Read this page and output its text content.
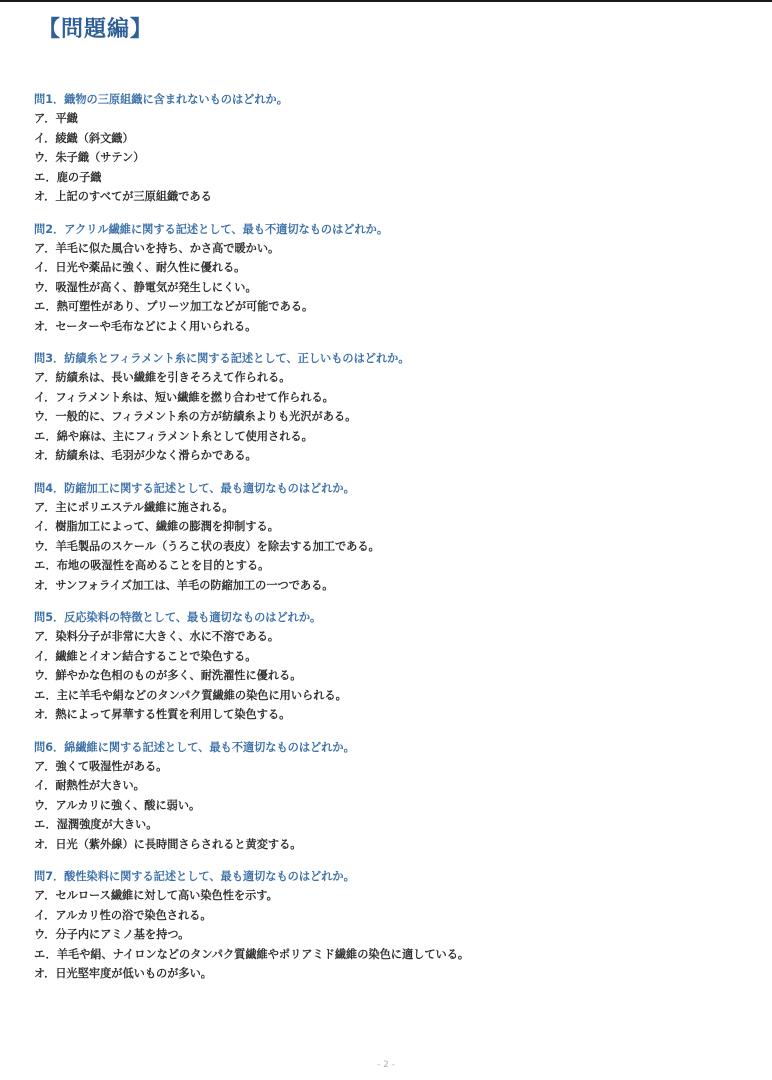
【問題編】
問1．織物の三原組織に含まれないものはどれか。
ア．平織
イ．綾織（斜文織）
ウ．朱子織（サテン）
エ．鹿の子織
オ．上記のすべてが三原組織である
問2．アクリル繊維に関する記述として、最も不適切なものはどれか。
ア．羊毛に似た風合いを持ち、かさ高で暖かい。
イ．日光や薬品に強く、耐久性に優れる。
ウ．吸湿性が高く、静電気が発生しにくい。
エ．熱可塑性があり、プリーツ加工などが可能である。
オ．セーターや毛布などによく用いられる。
問3．紡績糸とフィラメント糸に関する記述として、正しいものはどれか。
ア．紡績糸は、長い繊維を引きそろえて作られる。
イ．フィラメント糸は、短い繊維を撚り合わせて作られる。
ウ．一般的に、フィラメント糸の方が紡績糸よりも光沢がある。
エ．綿や麻は、主にフィラメント糸として使用される。
オ．紡績糸は、毛羽が少なく滑らかである。
問4．防縮加工に関する記述として、最も適切なものはどれか。
ア．主にポリエステル繊維に施される。
イ．樹脂加工によって、繊維の膨潤を抑制する。
ウ．羊毛製品のスケール（うろこ状の表皮）を除去する加工である。
エ．布地の吸湿性を高めることを目的とする。
オ．サンフォライズ加工は、羊毛の防縮加工の一つである。
問5．反応染料の特徴として、最も適切なものはどれか。
ア．染料分子が非常に大きく、水に不溶である。
イ．繊維とイオン結合することで染色する。
ウ．鮮やかな色相のものが多く、耐洗濯性に優れる。
エ．主に羊毛や絹などのタンパク質繊維の染色に用いられる。
オ．熱によって昇華する性質を利用して染色する。
問6．綿繊維に関する記述として、最も不適切なものはどれか。
ア．強くて吸湿性がある。
イ．耐熱性が大きい。
ウ．アルカリに強く、酸に弱い。
エ．湿潤強度が大きい。
オ．日光（紫外線）に長時間さらされると黄変する。
問7．酸性染料に関する記述として、最も適切なものはどれか。
ア．セルロース繊維に対して高い染色性を示す。
イ．アルカリ性の浴で染色される。
ウ．分子内にアミノ基を持つ。
エ．羊毛や絹、ナイロンなどのタンパク質繊維やポリアミド繊維の染色に適している。
オ．日光堅牢度が低いものが多い。
- 2 -
